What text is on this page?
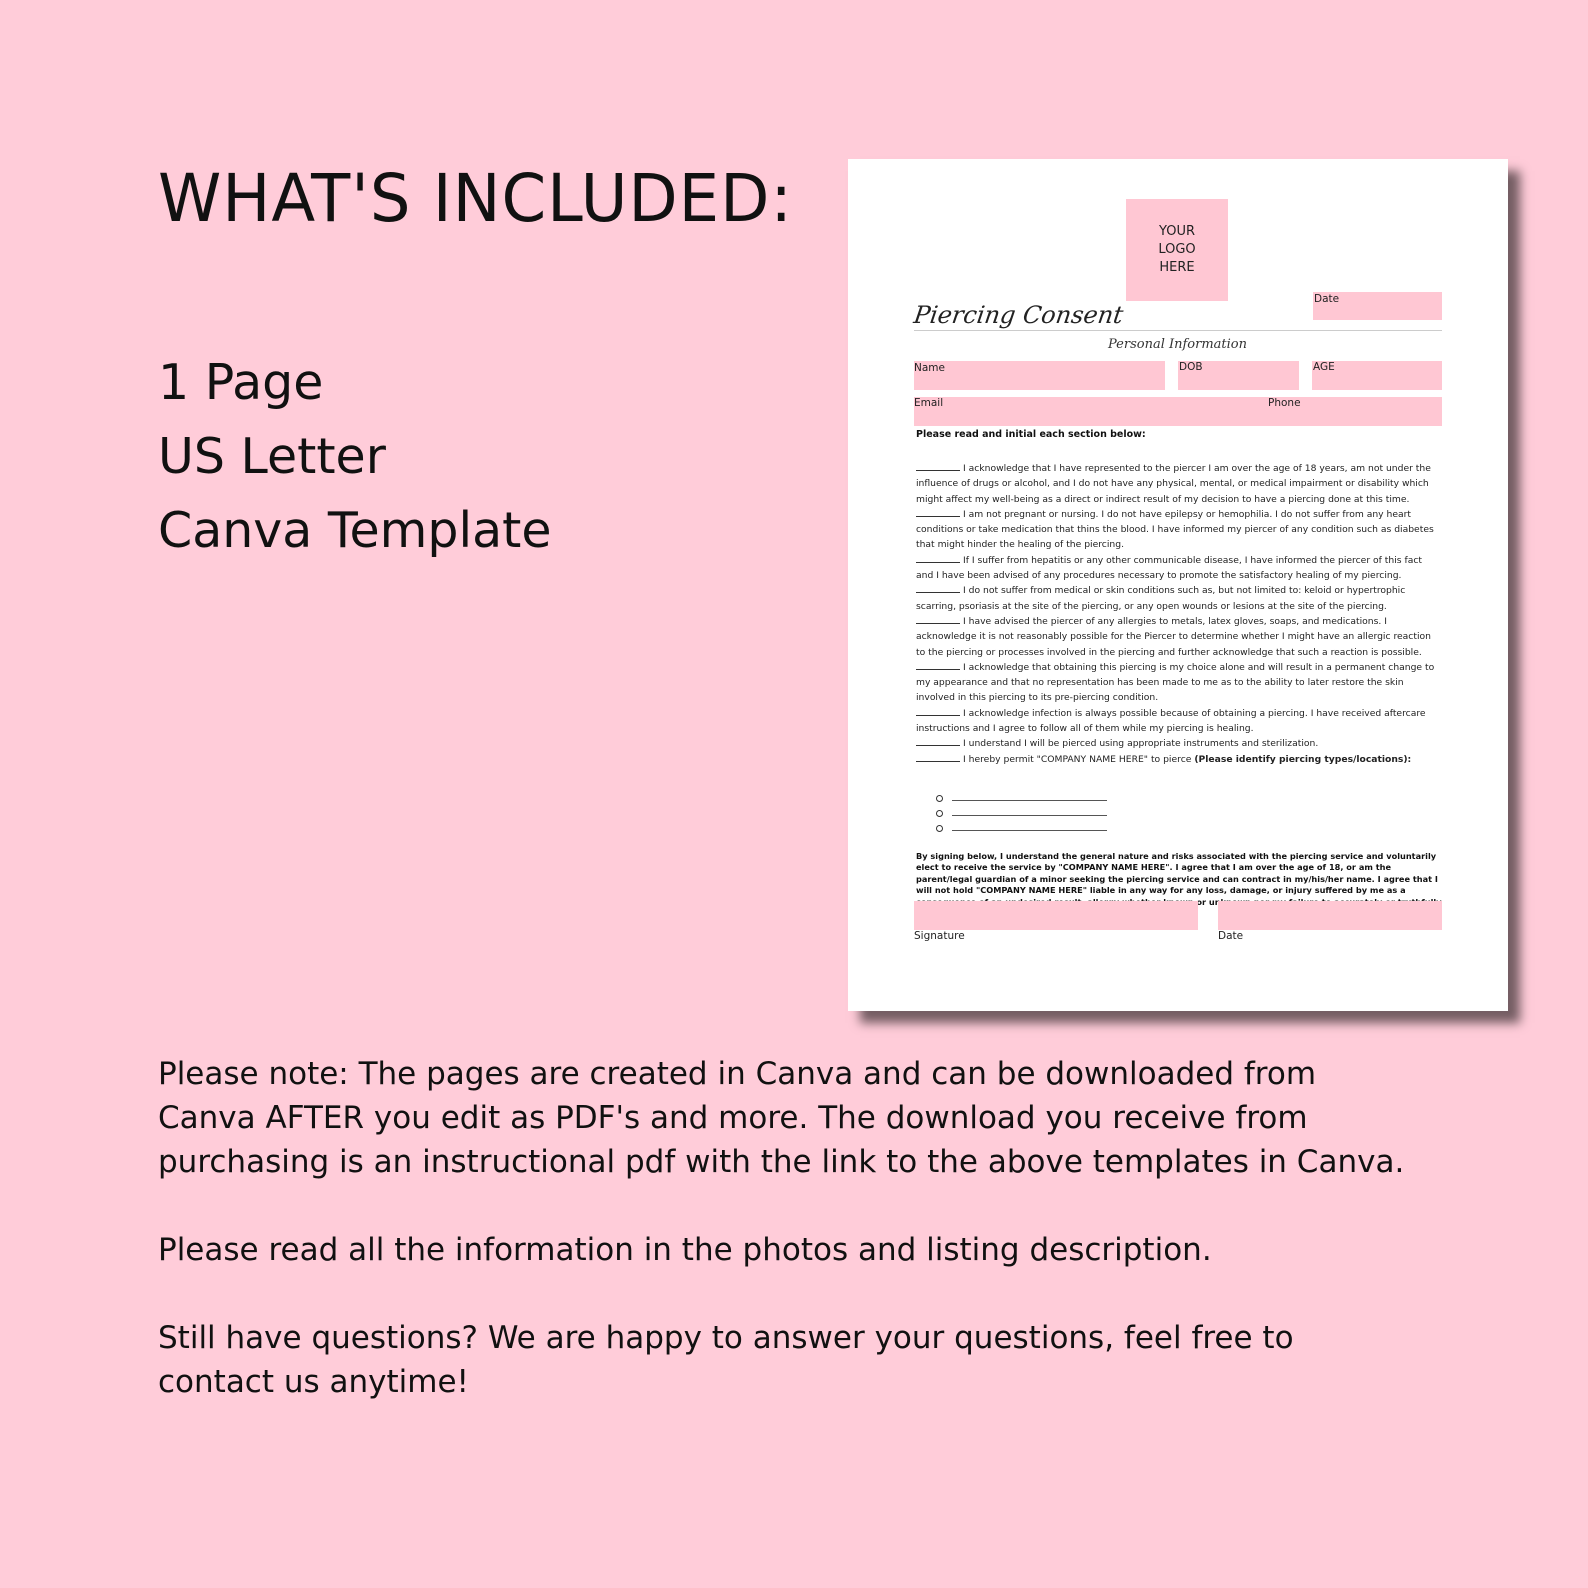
WHAT'S INCLUDED:
1 Page
US Letter
Canva Template
YOUR
LOGO
HERE
Date
Piercing Consent
Personal Information
Name	DOB	AGE
Email	Phone
Please read and initial each section below:

I acknowledge that I have represented to the piercer I am over the age of 18 years, am not under the influence of drugs or alcohol, and I do not have any physical, mental, or medical impairment or disability which might affect my well-being as a direct or indirect result of my decision to have a piercing done at this time.

I am not pregnant or nursing. I do not have epilepsy or hemophilia. I do not suffer from any heart conditions or take medication that thins the blood. I have informed my piercer of any condition such as diabetes that might hinder the healing of the piercing.

If I suffer from hepatitis or any other communicable disease, I have informed the piercer of this fact and I have been advised of any procedures necessary to promote the satisfactory healing of my piercing.

I do not suffer from medical or skin conditions such as, but not limited to: keloid or hypertrophic scarring, psoriasis at the site of the piercing, or any open wounds or lesions at the site of the piercing.

I have advised the piercer of any allergies to metals, latex gloves, soaps, and medications. I acknowledge it is not reasonably possible for the Piercer to determine whether I might have an allergic reaction to the piercing or processes involved in the piercing and further acknowledge that such a reaction is possible.

I acknowledge that obtaining this piercing is my choice alone and will result in a permanent change to my appearance and that no representation has been made to me as to the ability to later restore the skin involved in this piercing to its pre-piercing condition.

I acknowledge infection is always possible because of obtaining a piercing. I have received aftercare instructions and I agree to follow all of them while my piercing is healing.

I understand I will be pierced using appropriate instruments and sterilization.

I hereby permit "COMPANY NAME HERE" to pierce (Please identify piercing types/locations):

By signing below, I understand the general nature and risks associated with the piercing service and voluntarily elect to receive the service by "COMPANY NAME HERE". I agree that I am over the age of 18, or am the parent/legal guardian of a minor seeking the piercing service and can contract in my/his/her name. I agree that I will not hold "COMPANY NAME HERE" liable in any way for any loss, damage, or injury suffered by me as a or
Signature	Date

Please note: The pages are created in Canva and can be downloaded from Canva AFTER you edit as PDF's and more. The download you receive from purchasing is an instructional pdf with the link to the above templates in Canva.

Please read all the information in the photos and listing description.

Still have questions? We are happy to answer your questions, feel free to contact us anytime!
